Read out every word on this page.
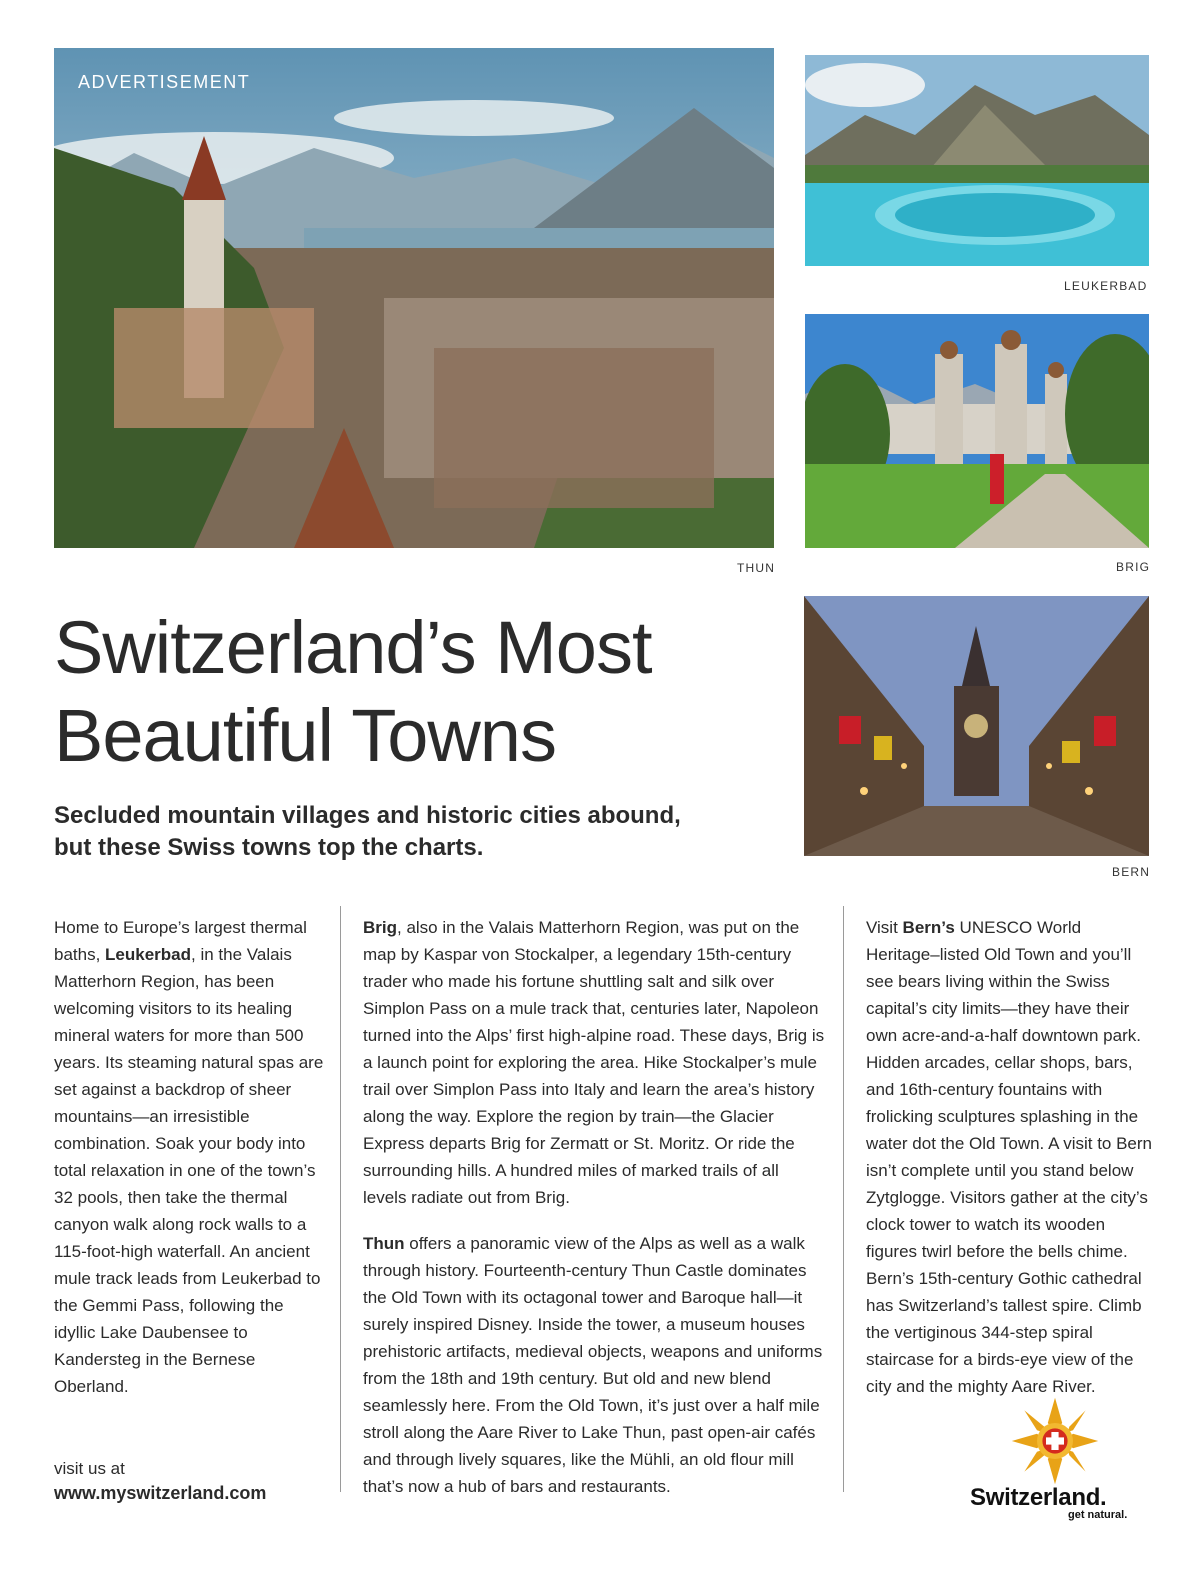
ADVERTISEMENT
THUN
LEUKERBAD
BRIG
BERN
Switzerland’s Most
Beautiful Towns
Secluded mountain villages and historic cities abound, but these Swiss towns top the charts.

Home to Europe’s largest thermal baths, Leukerbad, in the Valais Matterhorn Region, has been welcoming visitors to its healing mineral waters for more than 500 years. Its steaming natural spas are set against a backdrop of sheer mountains—an irresistible combination. Soak your body into total relaxation in one of the town’s 32 pools, then take the thermal canyon walk along rock walls to a 115-foot-high waterfall. An ancient mule track leads from Leukerbad to the Gemmi Pass, following the idyllic Lake Daubensee to Kandersteg in the Bernese Oberland.

Brig, also in the Valais Matterhorn Region, was put on the map by Kaspar von Stockalper, a legendary 15th-century trader who made his fortune shuttling salt and silk over Simplon Pass on a mule track that, centuries later, Napoleon turned into the Alps’ first high-alpine road. These days, Brig is a launch point for exploring the area. Hike Stockalper’s mule trail over Simplon Pass into Italy and learn the area’s history along the way. Explore the region by train—the Glacier Express departs Brig for Zermatt or St. Moritz. Or ride the surrounding hills. A hundred miles of marked trails of all levels radiate out from Brig.

Thun offers a panoramic view of the Alps as well as a walk through history. Fourteenth-century Thun Castle dominates the Old Town with its octagonal tower and Baroque hall—it surely inspired Disney. Inside the tower, a museum houses prehistoric artifacts, medieval objects, weapons and uniforms from the 18th and 19th century. But old and new blend seamlessly here. From the Old Town, it’s just over a half mile stroll along the Aare River to Lake Thun, past open-air cafés and through lively squares, like the Mühli, an old flour mill that’s now a hub of bars and restaurants.

Visit Bern’s UNESCO World Heritage–listed Old Town and you’ll see bears living within the Swiss capital’s city limits—they have their own acre-and-a-half downtown park. Hidden arcades, cellar shops, bars, and 16th-century fountains with frolicking sculptures splashing in the water dot the Old Town. A visit to Bern isn’t complete until you stand below Zytglogge. Visitors gather at the city’s clock tower to watch its wooden figures twirl before the bells chime. Bern’s 15th-century Gothic cathedral has Switzerland’s tallest spire. Climb the vertiginous 344-step spiral staircase for a birds-eye view of the city and the mighty Aare River.

visit us at
www.myswitzerland.com	Switzerland.
get natural.
